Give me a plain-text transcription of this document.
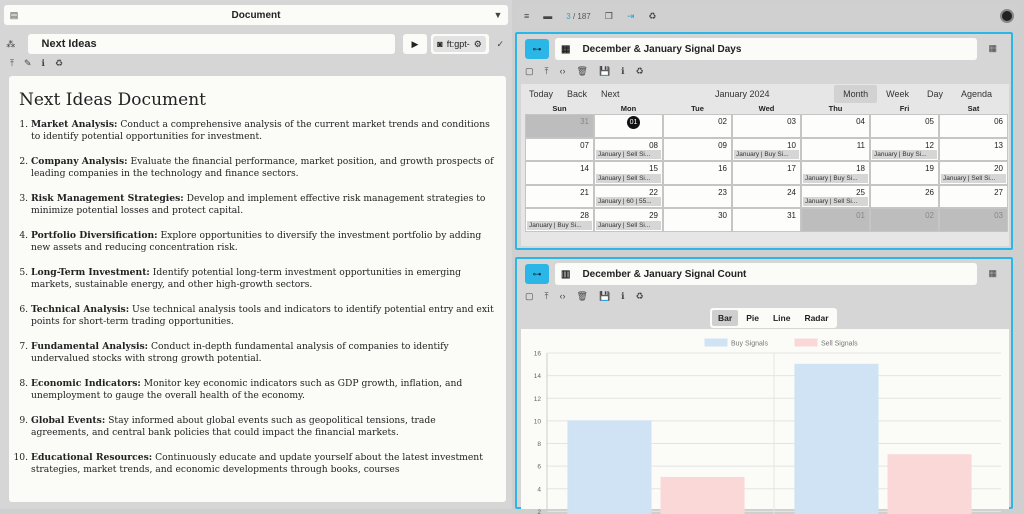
▤	Document	▼
⁂	Next Ideas	▶	◙ ft:gpt- ⚙	✓
⤒ ✎ ℹ ♻
Next Ideas Document
1. Market Analysis: Conduct a comprehensive analysis of the current market trends and conditions to identify potential opportunities for investment.
2. Company Analysis: Evaluate the financial performance, market position, and growth prospects of leading companies in the technology and finance sectors.
3. Risk Management Strategies: Develop and implement effective risk management strategies to minimize potential losses and protect capital.
4. Portfolio Diversification: Explore opportunities to diversify the investment portfolio by adding new assets and reducing concentration risk.
5. Long-Term Investment: Identify potential long-term investment opportunities in emerging markets, sustainable energy, and other high-growth sectors.
6. Technical Analysis: Use technical analysis tools and indicators to identify potential entry and exit points for short-term trading opportunities.
7. Fundamental Analysis: Conduct in-depth fundamental analysis of companies to identify undervalued stocks with strong growth potential.
8. Economic Indicators: Monitor key economic indicators such as GDP growth, inflation, and unemployment to gauge the overall health of the economy.
9. Global Events: Stay informed about global events such as geopolitical tensions, trade agreements, and central bank policies that could impact the financial markets.
10. Educational Resources: Continuously educate and update yourself about the latest investment strategies, market trends, and economic developments through books, courses
≡ ▬ 3 / 187 ❐ ⇥ ♻
⊶	▦ December & January Signal Days	▦
▢ ⤒ ‹› 🗑 💾 ℹ ♻
Today Back Next	January 2024	Month	Week	Day	Agenda
Sun	Mon	Tue	Wed	Thu	Fri	Sat
31	01	02	03	04	05	06
07	08
January | Sell Si...
09	10
January | Buy Si...
11	12
January | Buy Si...
13
14	15
January | Sell Si...
16	17	18
January | Buy Si...
19	20
January | Sell Si...
21	22
January | 60 | 55...
23	24	25
January | Sell Si...
26	27
28
January | Buy Si...
29
January | Sell Si...
30	31	01	02	03
⊶	▥ December & January Signal Count	▦
▢ ⤒ ‹› 🗑 💾 ℹ ♻
Bar	Pie	Line	Radar
Buy Signals	Sell Signals
16
14
12
10
8
6
4
2
